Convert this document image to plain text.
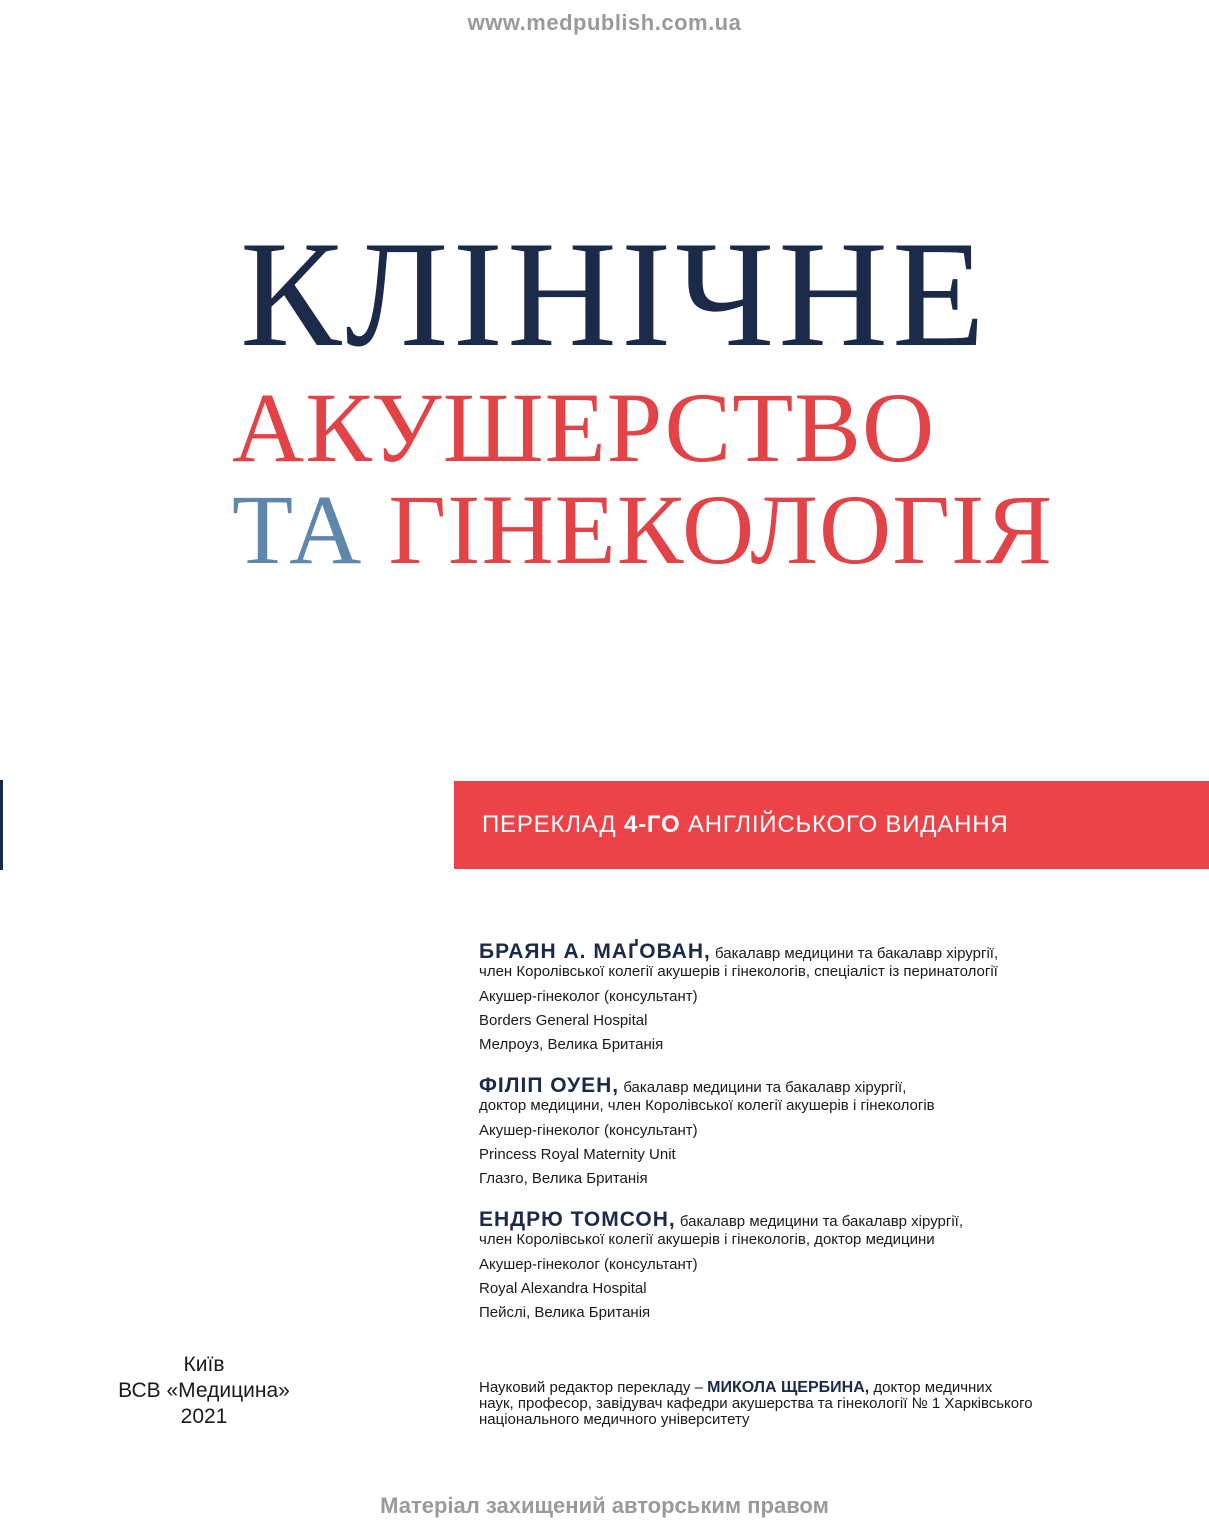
www.medpublish.com.ua
КЛІНІЧНЕ
АКУШЕРСТВО
ТА ГІНЕКОЛОГІЯ
ПЕРЕКЛАД
4-ГО
АНГЛІЙСЬКОГО ВИДАННЯ
БРАЯН А. МАҐОВАН, бакалавр медицини та бакалавр хірургії,
член Королівської колегії акушерів і гінекологів, спеціаліст із перинатології
Акушер-гінеколог (консультант)
Borders General Hospital
Мелроуз, Велика Британія
ФІЛІП ОУЕН, бакалавр медицини та бакалавр хірургії,
доктор медицини, член Королівської колегії акушерів і гінекологів
Акушер-гінеколог (консультант)
Princess Royal Maternity Unit
Глазго, Велика Британія
ЕНДРЮ ТОМСОН, бакалавр медицини та бакалавр хірургії,
член Королівської колегії акушерів і гінекологів, доктор медицини
Акушер-гінеколог (консультант)
Royal Alexandra Hospital
Пейслі, Велика Британія
Київ
ВСВ «Медицина»
2021
Науковий редактор перекладу – МИКОЛА ЩЕРБИНА, доктор медичних
наук, професор, завідувач кафедри акушерства та гінекології № 1 Харківського
національного медичного університету
Матеріал захищений авторським правом
